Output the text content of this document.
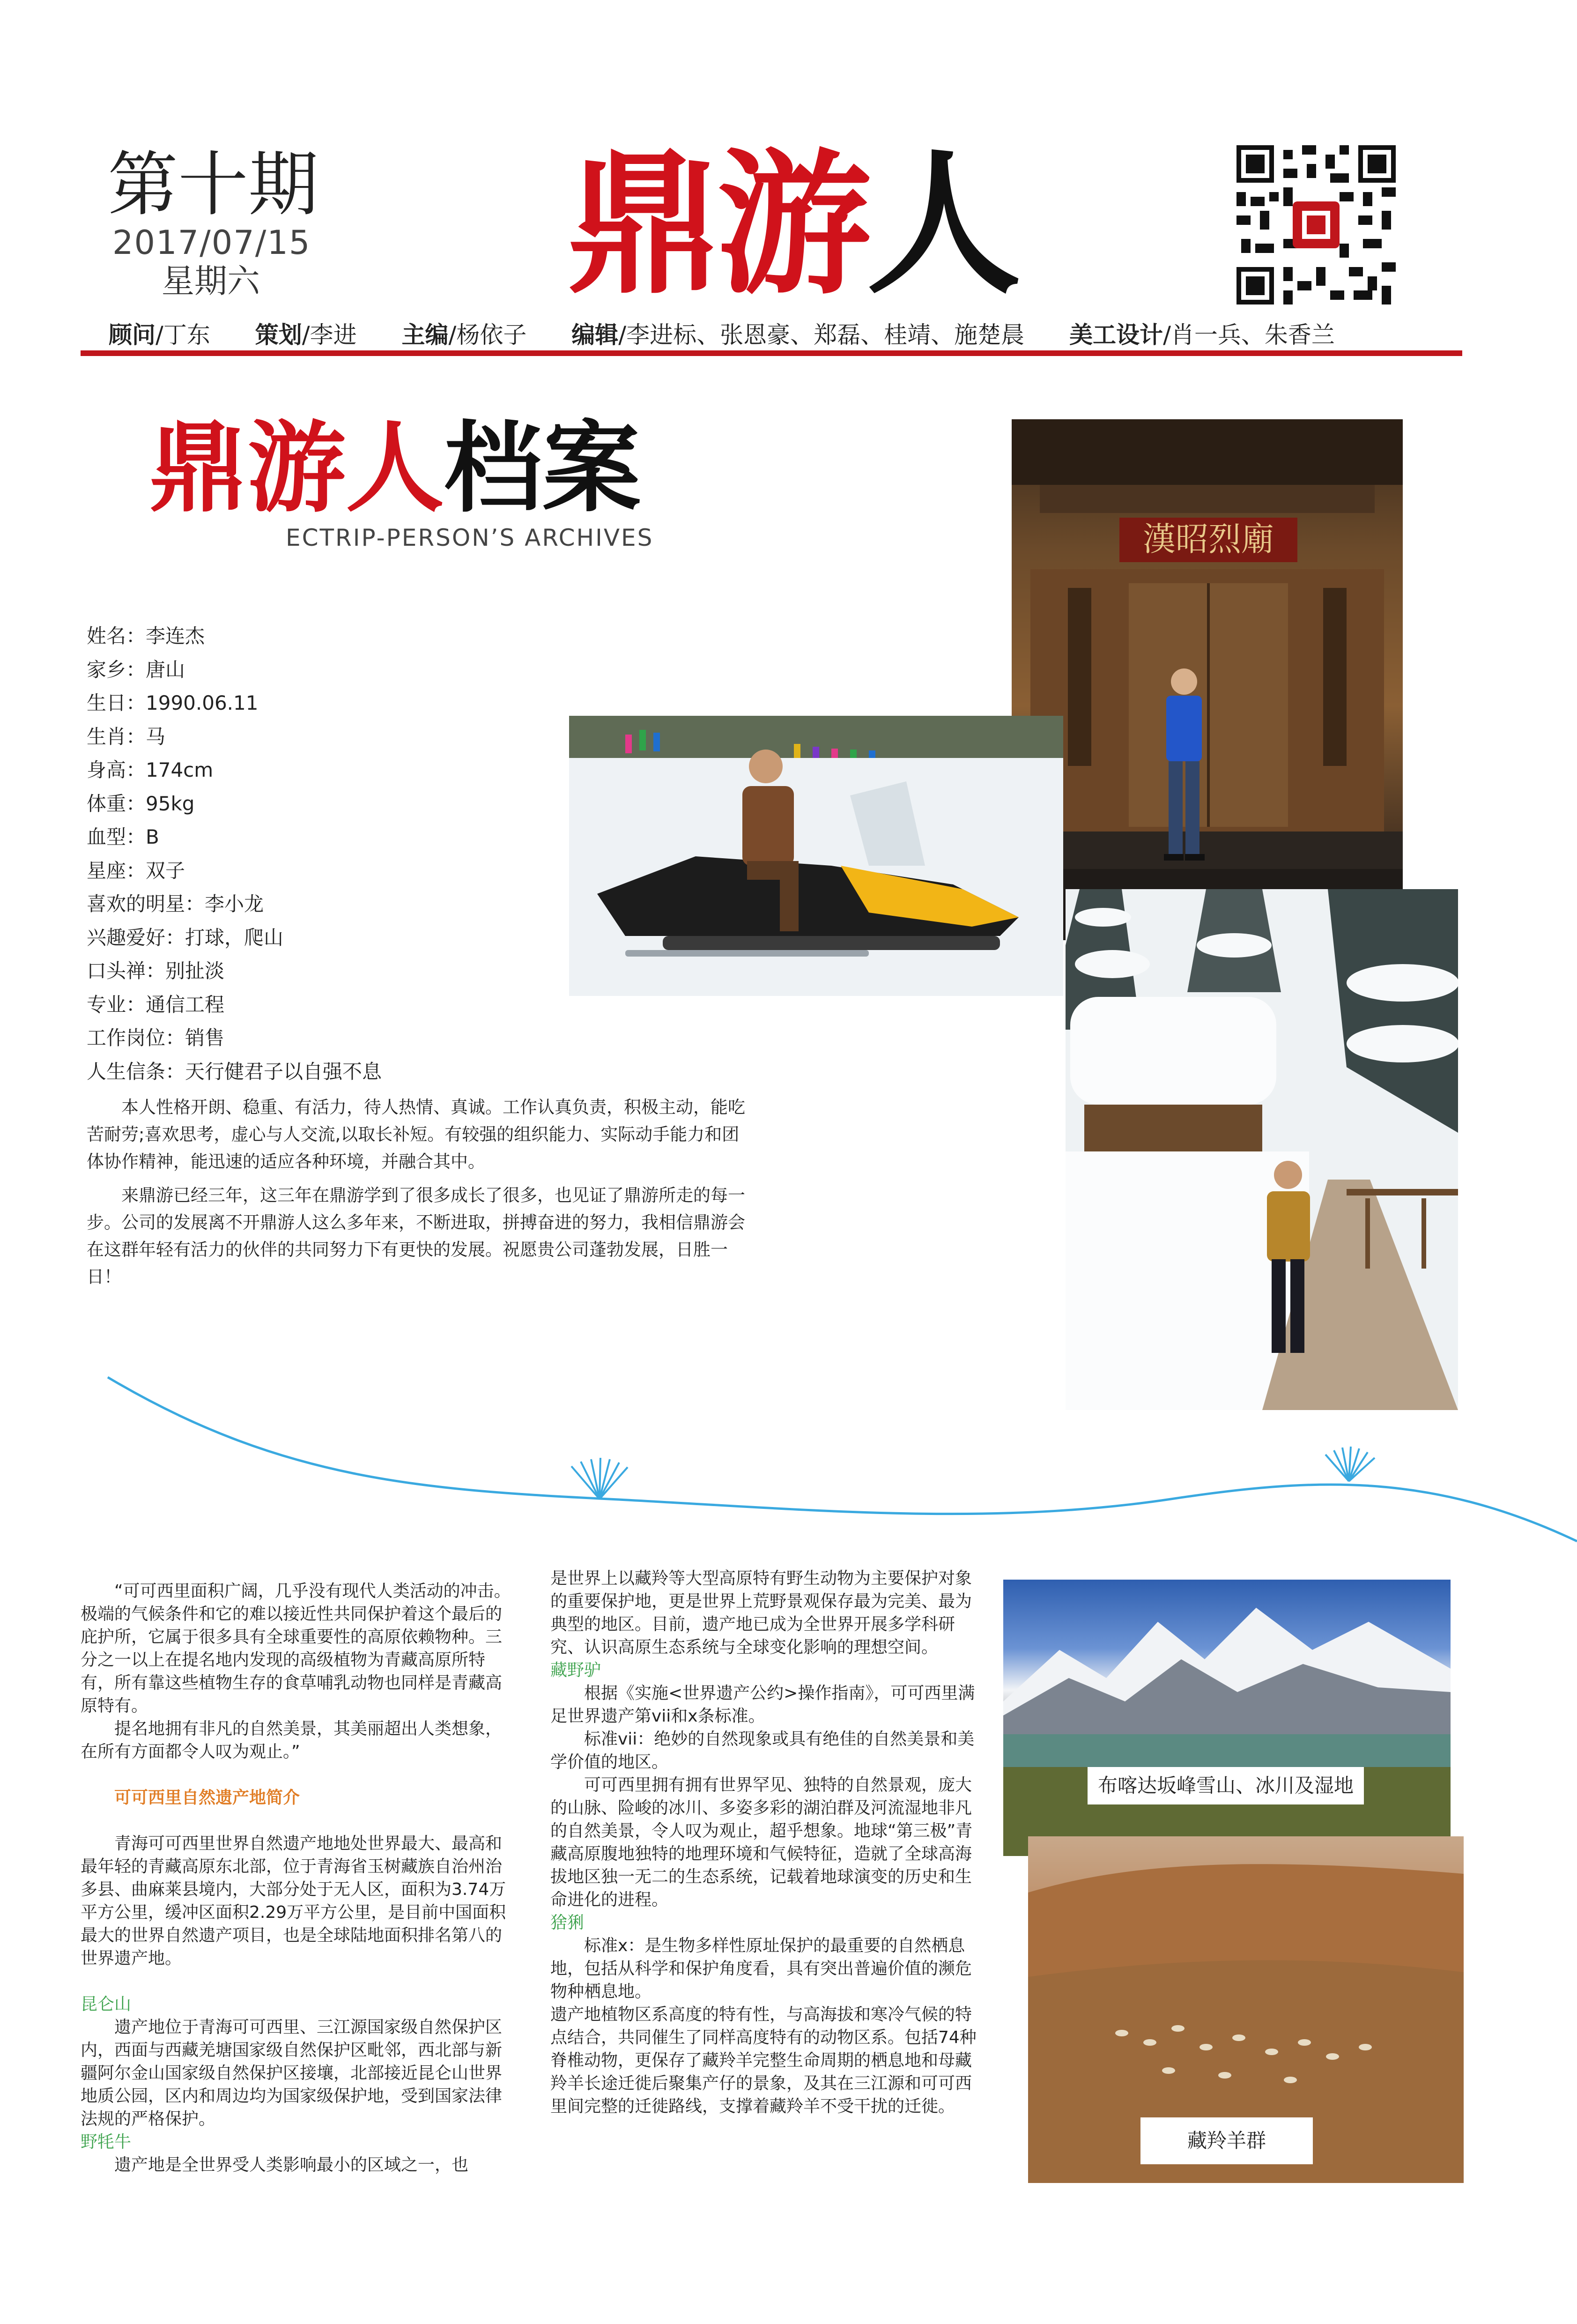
第十期
2017/07/15
星期六 鼎游人
顾问/丁东 策划/李进 主编/杨依子 编辑/李进标、张恩豪、郑磊、桂靖、施楚晨 美工设计/肖一兵、朱香兰
鼎游人档案
ECTRIP-PERSON’S ARCHIVES
姓名：李连杰
家乡：唐山
生日：1990.06.11
生肖：马
身高：174cm
体重：95kg
血型：B
星座：双子
喜欢的明星：李小龙
兴趣爱好：打球，爬山
口头禅：别扯淡
专业：通信工程
工作岗位：销售
人生信条：天行健君子以自强不息

本人性格开朗、稳重、有活力，待人热情、真诚。工作认真负责，积极主动，能吃苦耐劳;喜欢思考，虚心与人交流,以取长补短。有较强的组织能力、实际动手能力和团体协作精神，能迅速的适应各种环境，并融合其中。

来鼎游已经三年，这三年在鼎游学到了很多成长了很多，也见证了鼎游所走的每一步。公司的发展离不开鼎游人这么多年来，不断进取，拼搏奋进的努力，我相信鼎游会在这群年轻有活力的伙伴的共同努力下有更快的发展。祝愿贵公司蓬勃发展，日胜一日！

漢昭烈廟

“可可西里面积广阔，几乎没有现代人类活动的冲击。极端的气候条件和它的难以接近性共同保护着这个最后的庇护所，它属于很多具有全球重要性的高原依赖物种。三分之一以上在提名地内发现的高级植物为青藏高原所特有，所有靠这些植物生存的食草哺乳动物也同样是青藏高原特有。

提名地拥有非凡的自然美景，其美丽超出人类想象，在所有方面都令人叹为观止。”

可可西里自然遗产地简介

青海可可西里世界自然遗产地地处世界最大、最高和最年轻的青藏高原东北部，位于青海省玉树藏族自治州治多县、曲麻莱县境内，大部分处于无人区，面积为3.74万平方公里，缓冲区面积2.29万平方公里，是目前中国面积最大的世界自然遗产项目，也是全球陆地面积排名第八的世界遗产地。

昆仑山

遗产地位于青海可可西里、三江源国家级自然保护区内，西面与西藏羌塘国家级自然保护区毗邻，西北部与新疆阿尔金山国家级自然保护区接壤，北部接近昆仑山世界地质公园，区内和周边均为国家级保护地，受到国家法律法规的严格保护。

野牦牛

遗产地是全世界受人类影响最小的区域之一，也

是世界上以藏羚等大型高原特有野生动物为主要保护对象的重要保护地，更是世界上荒野景观保存最为完美、最为典型的地区。目前，遗产地已成为全世界开展多学科研究、认识高原生态系统与全球变化影响的理想空间。

藏野驴

根据《实施<世界遗产公约>操作指南》，可可西里满足世界遗产第vii和x条标准。

标准vii：绝妙的自然现象或具有绝佳的自然美景和美学价值的地区。

可可西里拥有拥有世界罕见、独特的自然景观，庞大的山脉、险峻的冰川、多姿多彩的湖泊群及河流湿地非凡的自然美景，令人叹为观止，超乎想象。地球“第三极”青藏高原腹地独特的地理环境和气候特征，造就了全球高海拔地区独一无二的生态系统，记载着地球演变的历史和生命进化的进程。

猞猁

标准x：是生物多样性原址保护的最重要的自然栖息地，包括从科学和保护角度看，具有突出普遍价值的濒危物种栖息地。

遗产地植物区系高度的特有性，与高海拔和寒冷气候的特点结合，共同催生了同样高度特有的动物区系。包括74种脊椎动物，更保存了藏羚羊完整生命周期的栖息地和母藏羚羊长途迁徙后聚集产仔的景象，及其在三江源和可可西里间完整的迁徙路线，支撑着藏羚羊不受干扰的迁徙。

布喀达坂峰雪山、冰川及湿地
藏羚羊群
